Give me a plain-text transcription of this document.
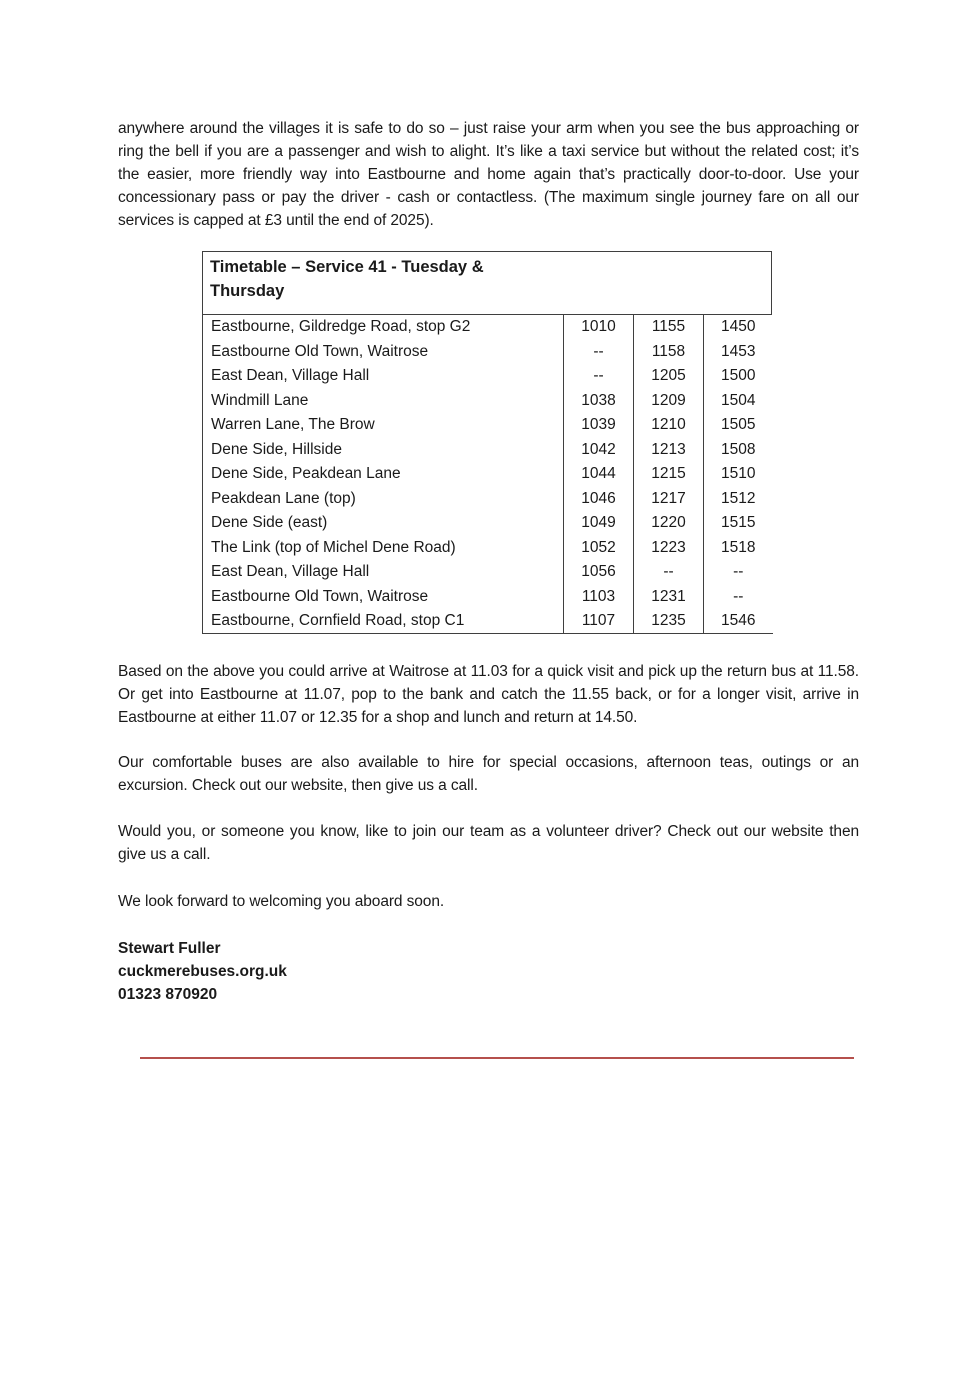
anywhere around the villages it is safe to do so – just raise your arm when you see the bus approaching or ring the bell if you are a passenger and wish to alight. It’s like a taxi service but without the related cost; it’s the easier, more friendly way into Eastbourne and home again that’s practically door-to-door. Use your concessionary pass or pay the driver - cash or contactless. (The maximum single journey fare on all our services is capped at £3 until the end of 2025).

Timetable – Service 41 - Tuesday &
Thursday
Eastbourne, Gildredge Road, stop G2	1010	1155	1450
Eastbourne Old Town, Waitrose	--	1158	1453
East Dean, Village Hall	--	1205	1500
Windmill Lane	1038	1209	1504
Warren Lane, The Brow	1039	1210	1505
Dene Side, Hillside	1042	1213	1508
Dene Side, Peakdean Lane	1044	1215	1510
Peakdean Lane (top)	1046	1217	1512
Dene Side (east)	1049	1220	1515
The Link (top of Michel Dene Road)	1052	1223	1518
East Dean, Village Hall	1056	--	--
Eastbourne Old Town, Waitrose	1103	1231	--
Eastbourne, Cornfield Road, stop C1	1107	1235	1546

Based on the above you could arrive at Waitrose at 11.03 for a quick visit and pick up the return bus at 11.58. Or get into Eastbourne at 11.07, pop to the bank and catch the 11.55 back, or for a longer visit, arrive in Eastbourne at either 11.07 or 12.35 for a shop and lunch and return at 14.50.

Our comfortable buses are also available to hire for special occasions, afternoon teas, outings or an excursion. Check out our website, then give us a call.

Would you, or someone you know, like to join our team as a volunteer driver? Check out our website then give us a call.

We look forward to welcoming you aboard soon.

Stewart Fuller
cuckmerebuses.org.uk
01323 870920
